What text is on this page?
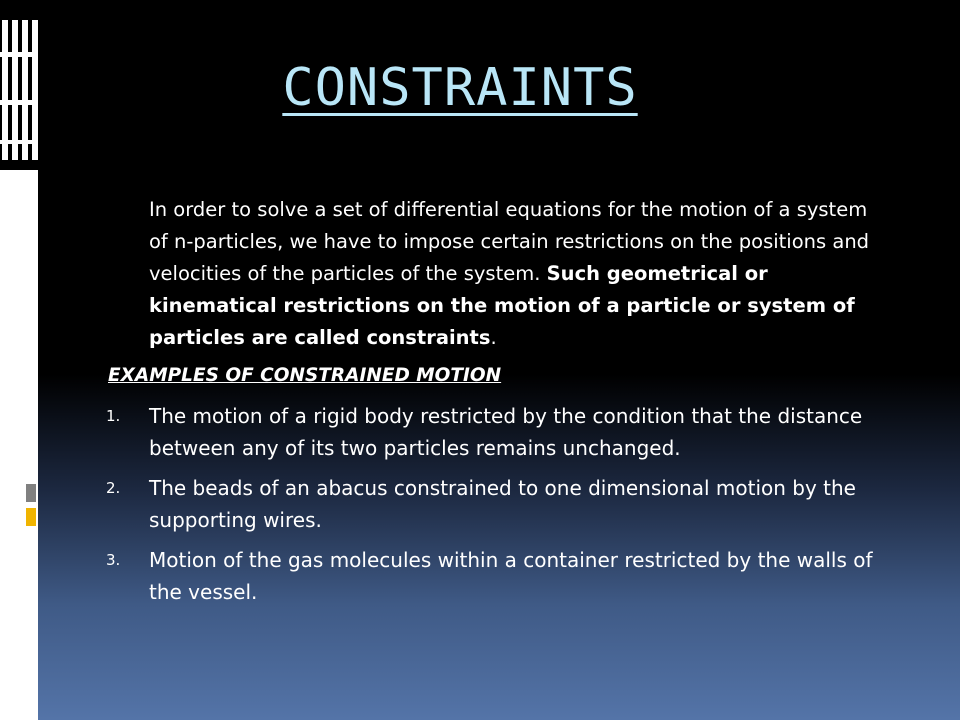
CONSTRAINTS

In order to solve a set of differential equations for the motion of a system of n-particles, we have to impose certain restrictions on the positions and velocities of the particles of the system. Such geometrical or kinematical restrictions on the motion of a particle or system of particles are called constraints.

EXAMPLES OF CONSTRAINED MOTION
1.	The motion of a rigid body restricted by the condition that the distance between any of its two particles remains unchanged.
2.	The beads of an abacus constrained to one dimensional motion by the supporting wires.
3.	Motion of the gas molecules within a container restricted by the walls of the vessel.
